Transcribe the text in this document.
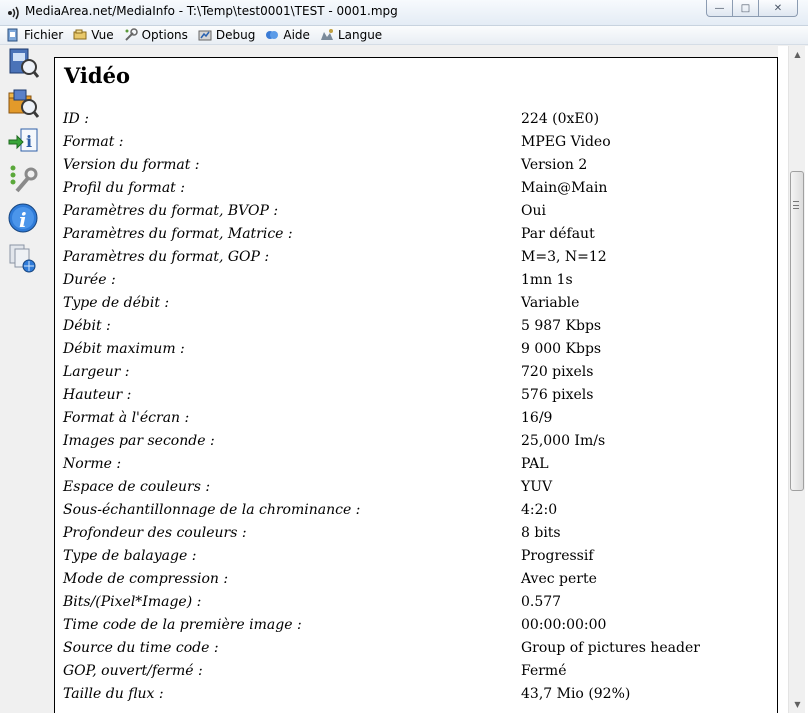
MediaArea.net/MediaInfo - T:\Temp\test0001\TEST - 0001.mpg	— □ ✕
Fichier Vue Options Debug Aide Langue
i
i
Vidéo
ID :	224 (0xE0)
Format :	MPEG Video
Version du format :	Version 2
Profil du format :	Main@Main
Paramètres du format, BVOP :	Oui
Paramètres du format, Matrice :	Par défaut
Paramètres du format, GOP :	M=3, N=12
Durée :	1mn 1s
Type de débit :	Variable
Débit :	5 987 Kbps
Débit maximum :	9 000 Kbps
Largeur :	720 pixels
Hauteur :	576 pixels
Format à l'écran :	16/9
Images par seconde :	25,000 Im/s
Norme :	PAL
Espace de couleurs :	YUV
Sous-échantillonnage de la chrominance :	4:2:0
Profondeur des couleurs :	8 bits
Type de balayage :	Progressif
Mode de compression :	Avec perte
Bits/(Pixel*Image) :	0.577
Time code de la première image :	00:00:00:00
Source du time code :	Group of pictures header
GOP, ouvert/fermé :	Fermé
Taille du flux :	43,7 Mio (92%)
▲
▼
